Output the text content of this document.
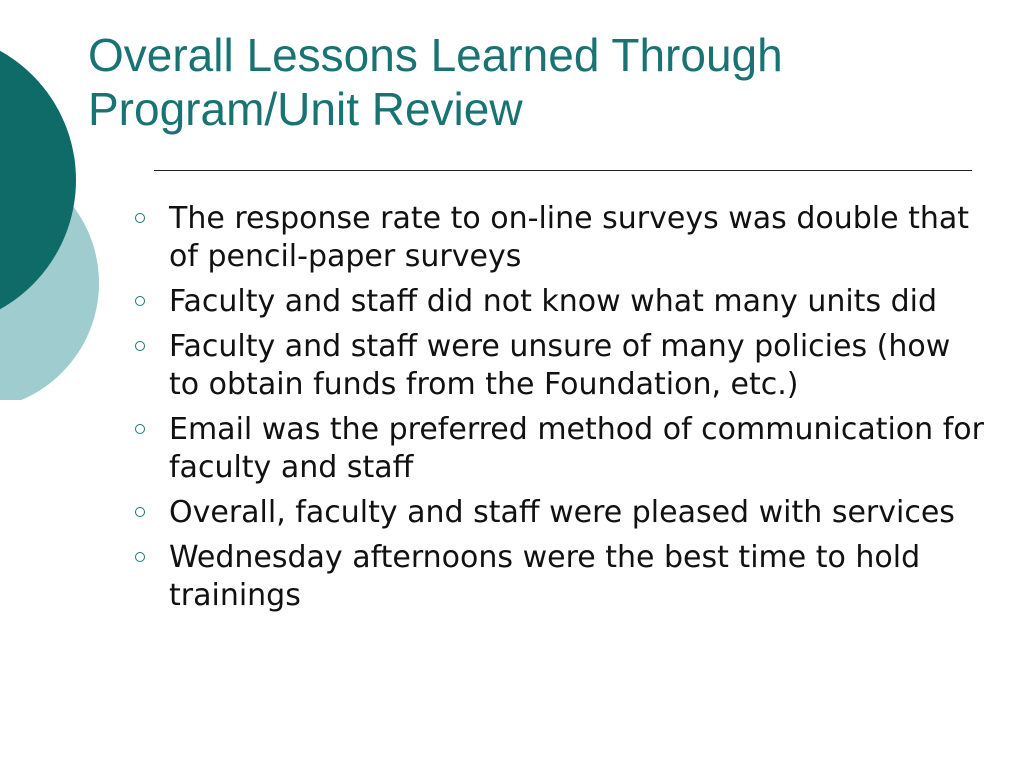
Overall Lessons Learned Through
Program/Unit Review
The response rate to on-line surveys was double that of pencil-paper surveys
Faculty and staff did not know what many units did
Faculty and staff were unsure of many policies (how to obtain funds from the Foundation, etc.)
Email was the preferred method of communication for faculty and staff
Overall, faculty and staff were pleased with services
Wednesday afternoons were the best time to hold trainings
